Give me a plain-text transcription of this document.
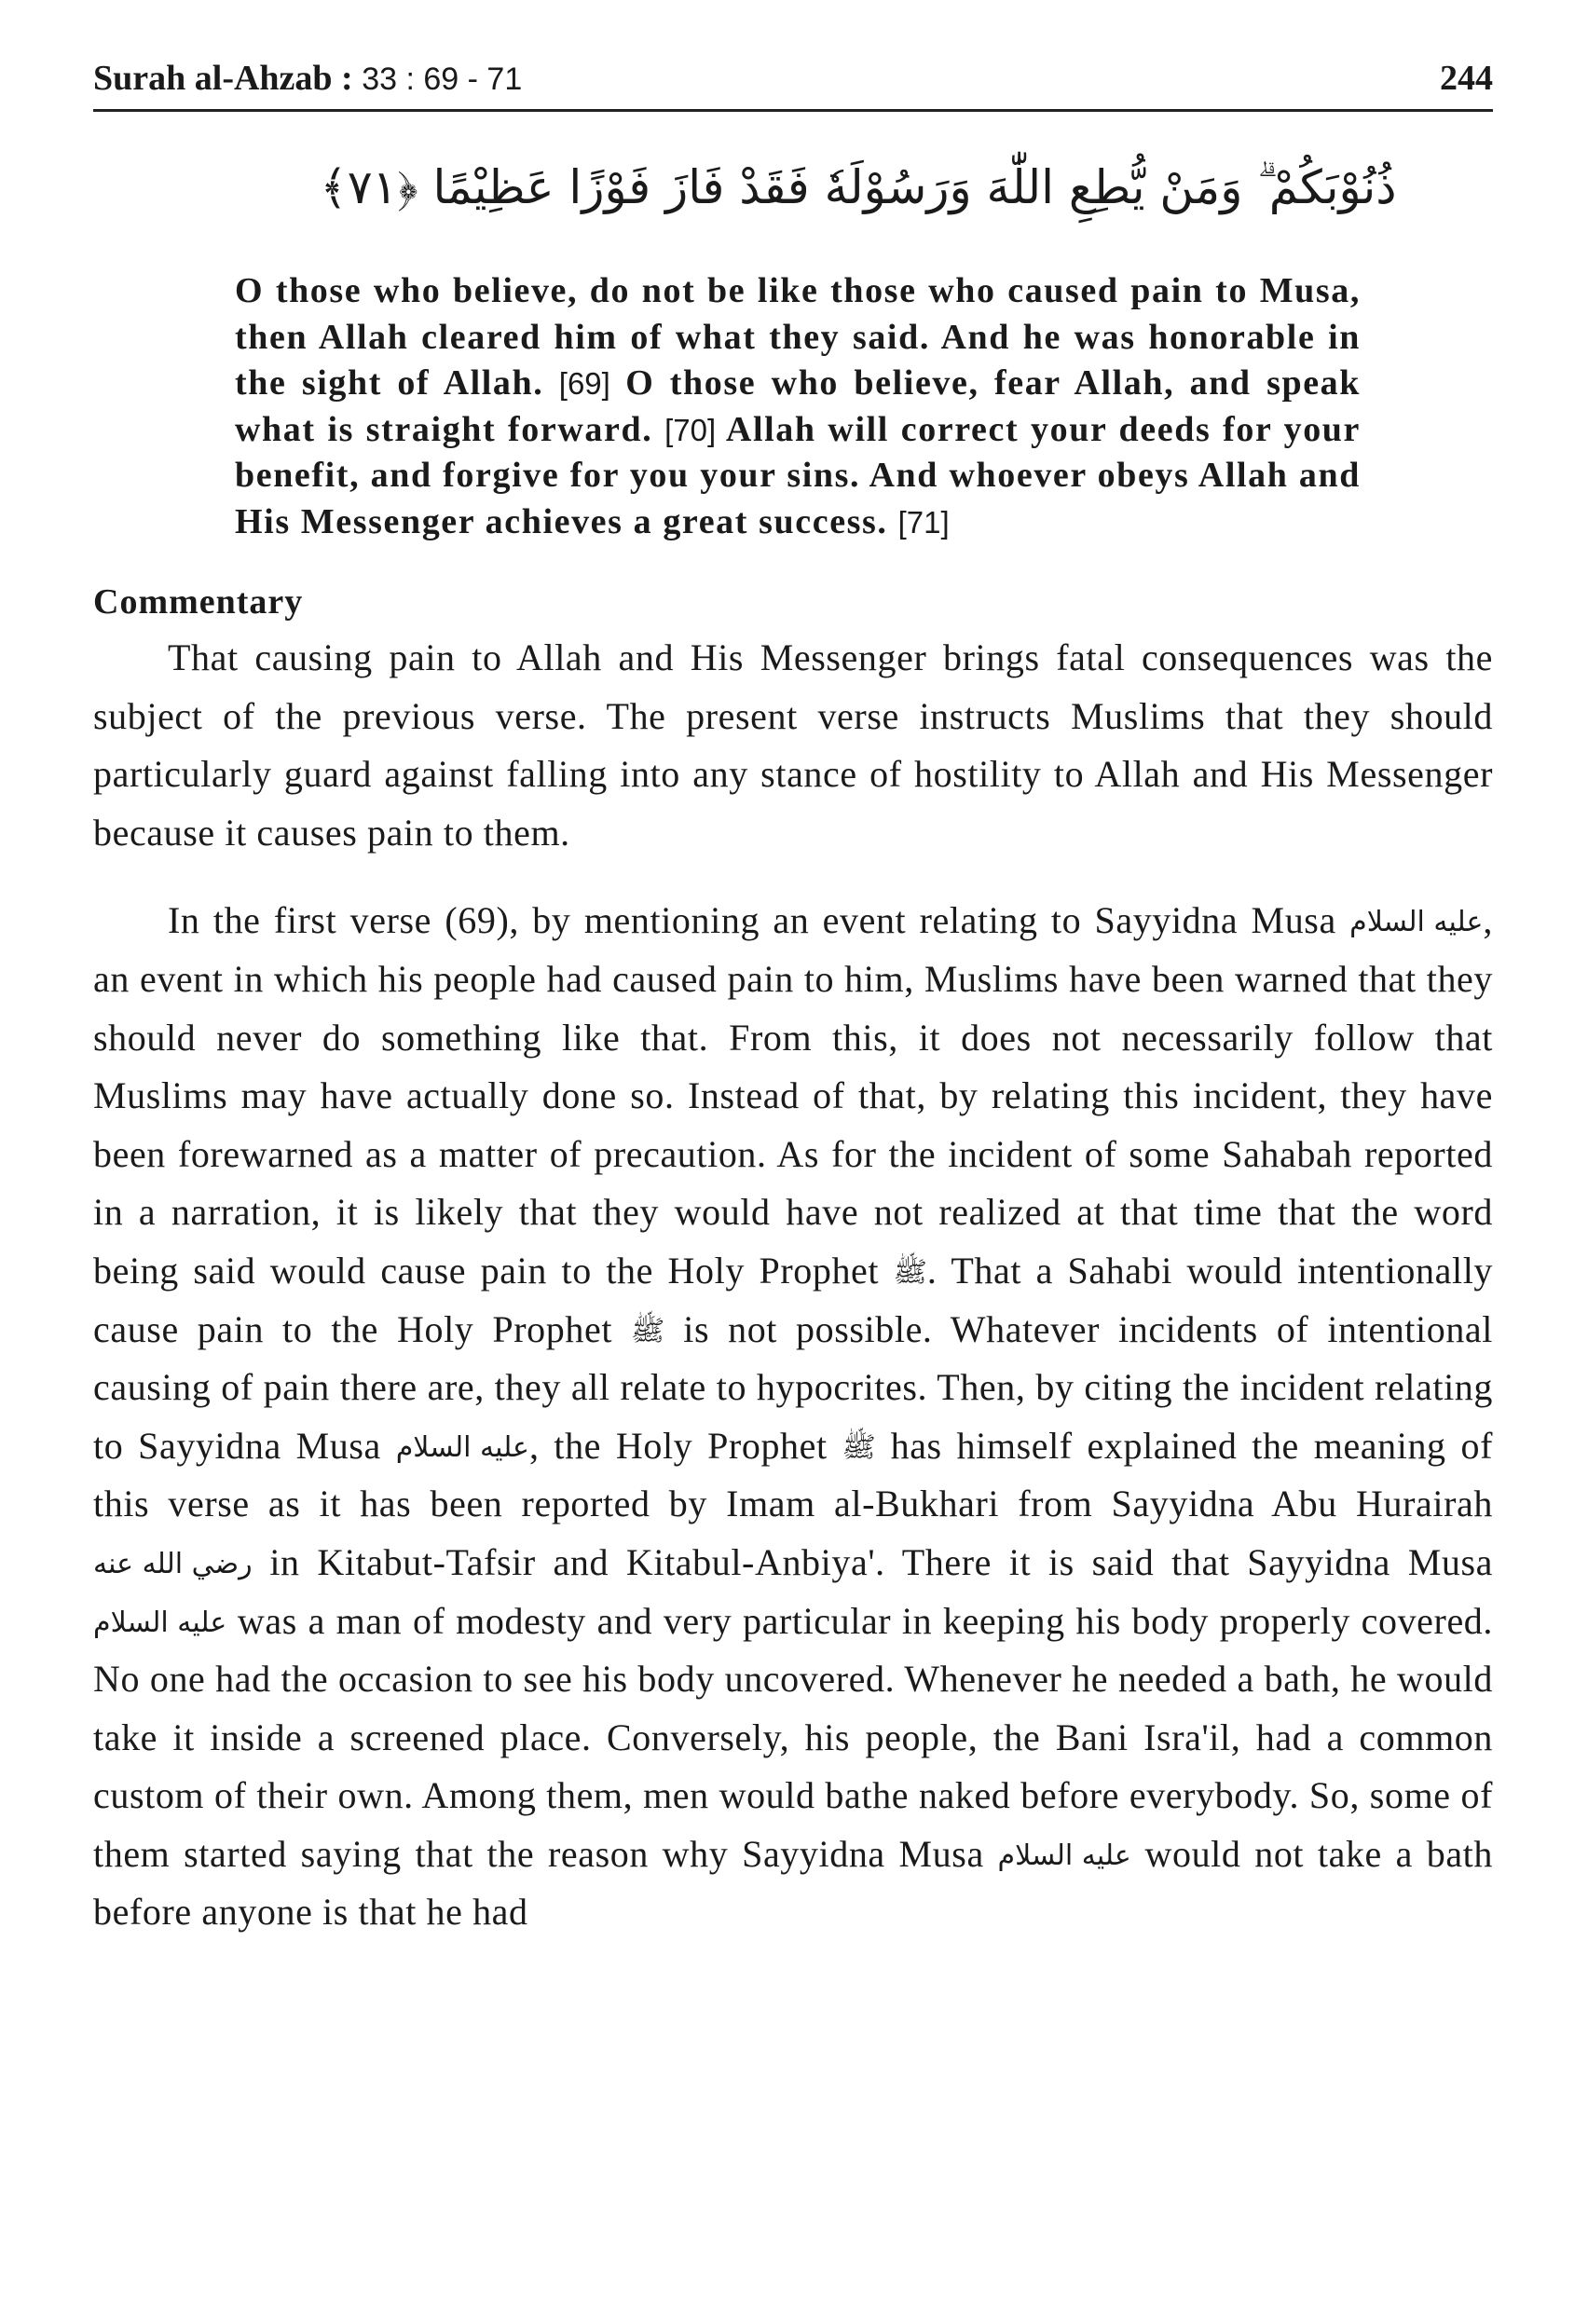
Surah al-Ahzab : 33 : 69 - 71	244
ذُنُوْبَكُمْ ۗ وَمَنْ يُّطِعِ اللّٰهَ وَرَسُوْلَهٗ فَقَدْ فَازَ فَوْزًا عَظِيْمًا ﴿٧١﴾
O those who believe, do not be like those who caused pain to Musa, then Allah cleared him of what they said. And he was honorable in the sight of Allah. [69] O those who believe, fear Allah, and speak what is straight forward. [70] Allah will correct your deeds for your benefit, and forgive for you your sins. And whoever obeys Allah and His Messenger achieves a great success. [71]
Commentary

That causing pain to Allah and His Messenger brings fatal consequences was the subject of the previous verse. The present verse instructs Muslims that they should particularly guard against falling into any stance of hostility to Allah and His Messenger because it causes pain to them.

In the first verse (69), by mentioning an event relating to Sayyidna Musa عليه السلام, an event in which his people had caused pain to him, Muslims have been warned that they should never do something like that. From this, it does not necessarily follow that Muslims may have actually done so. Instead of that, by relating this incident, they have been forewarned as a matter of precaution. As for the incident of some Sahabah reported in a narration, it is likely that they would have not realized at that time that the word being said would cause pain to the Holy Prophet ﷺ. That a Sahabi would intentionally cause pain to the Holy Prophet ﷺ is not possible. Whatever incidents of intentional causing of pain there are, they all relate to hypocrites. Then, by citing the incident relating to Sayyidna Musa عليه السلام, the Holy Prophet ﷺ has himself explained the meaning of this verse as it has been reported by Imam al-Bukhari from Sayyidna Abu Hurairah رضي الله عنه in Kitabut-Tafsir and Kitabul-Anbiya'. There it is said that Sayyidna Musa عليه السلام was a man of modesty and very particular in keeping his body properly covered. No one had the occasion to see his body uncovered. Whenever he needed a bath, he would take it inside a screened place. Conversely, his people, the Bani Isra'il, had a common custom of their own. Among them, men would bathe naked before everybody. So, some of them started saying that the reason why Sayyidna Musa عليه السلام would not take a bath before anyone is that he had
